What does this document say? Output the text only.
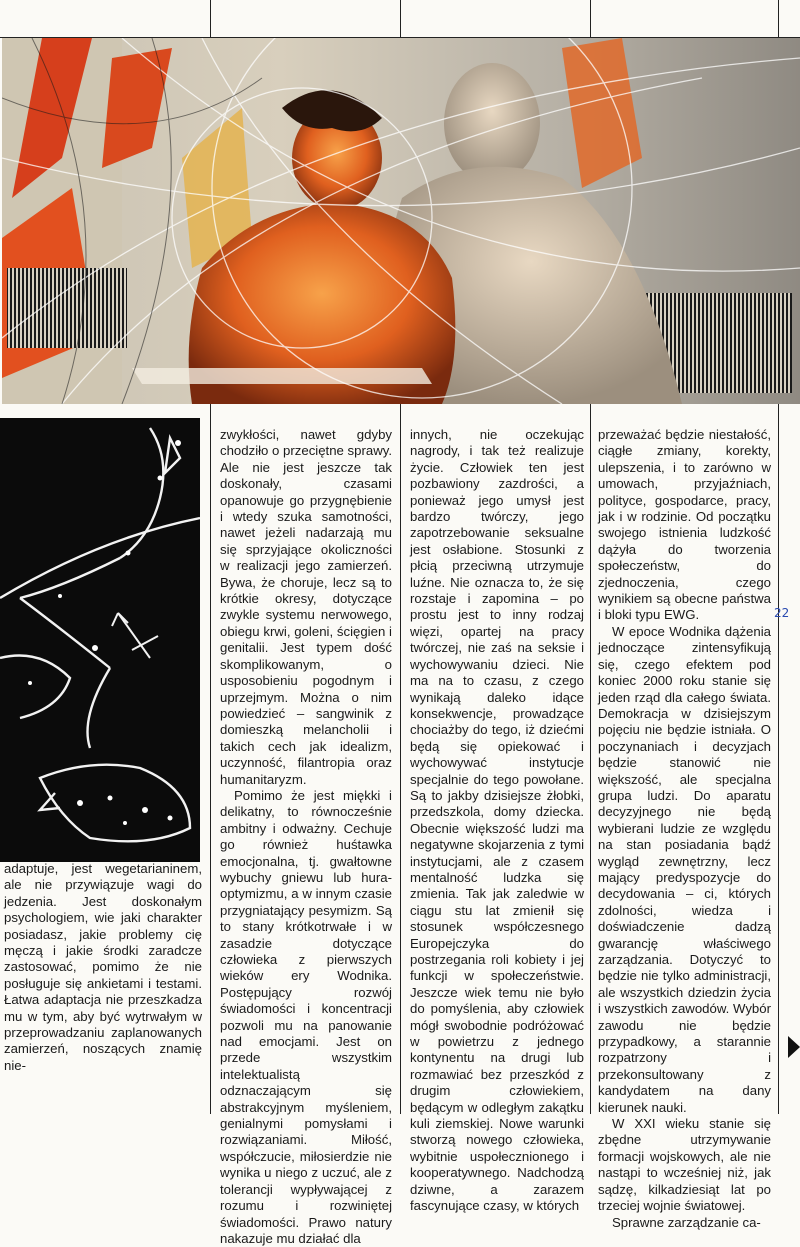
adaptuje, jest wegetarianinem, ale nie przywiązuje wagi do jedzenia. Jest doskonałym psychologiem, wie jaki charakter posiadasz, jakie problemy cię męczą i jakie środki zaradcze zastosować, pomimo że nie posługuje się ankietami i testami. Łatwa adaptacja nie przeszkadza mu w tym, aby być wytrwałym w przeprowadzaniu zaplanowanych zamierzeń, noszących znamię nie-

zwykłości, nawet gdyby chodziło o przeciętne sprawy. Ale nie jest jeszcze tak doskonały, czasami opanowuje go przygnębienie i wtedy szuka samotności, nawet jeżeli nadarzają mu się sprzyjające okoliczności w realizacji jego zamierzeń. Bywa, że choruje, lecz są to krótkie okresy, dotyczące zwykle systemu nerwowego, obiegu krwi, goleni, ścięgien i genitalii. Jest typem dość skomplikowanym, o usposobieniu pogodnym i uprzejmym. Można o nim powiedzieć – sangwinik z domieszką melancholii i takich cech jak idealizm, uczynność, filantropia oraz humanitaryzm.

Pomimo że jest miękki i delikatny, to równocześnie ambitny i odważny. Cechuje go również huśtawka emocjonalna, tj. gwałtowne wybuchy gniewu lub hura-optymizmu, a w innym czasie przygniatający pesymizm. Są to stany krótkotrwałe i w zasadzie dotyczące człowieka z pierwszych wieków ery Wodnika. Postępujący rozwój świadomości i koncentracji pozwoli mu na panowanie nad emocjami. Jest on przede wszystkim intelektualistą odznaczającym się abstrakcyjnym myśleniem, genialnymi pomysłami i rozwiązaniami. Miłość, współczucie, miłosierdzie nie wynika u niego z uczuć, ale z tolerancji wypływającej z rozumu i rozwiniętej świadomości. Prawo natury nakazuje mu działać dla

innych, nie oczekując nagrody, i tak też realizuje życie. Człowiek ten jest pozbawiony zazdrości, a ponieważ jego umysł jest bardzo twórczy, jego zapotrzebowanie seksualne jest osłabione. Stosunki z płcią przeciwną utrzymuje luźne. Nie oznacza to, że się rozstaje i zapomina – po prostu jest to inny rodzaj więzi, opartej na pracy twórczej, nie zaś na seksie i wychowywaniu dzieci. Nie ma na to czasu, z czego wynikają daleko idące konsekwencje, prowadzące chociażby do tego, iż dziećmi będą się opiekować i wychowywać instytucje specjalnie do tego powołane. Są to jakby dzisiejsze żłobki, przedszkola, domy dziecka. Obecnie większość ludzi ma negatywne skojarzenia z tymi instytucjami, ale z czasem mentalność ludzka się zmienia. Tak jak zaledwie w ciągu stu lat zmienił się stosunek współczesnego Europejczyka do postrzegania roli kobiety i jej funkcji w społeczeństwie. Jeszcze wiek temu nie było do pomyślenia, aby człowiek mógł swobodnie podróżować w powietrzu z jednego kontynentu na drugi lub rozmawiać bez przeszkód z drugim człowiekiem, będącym w odległym zakątku kuli ziemskiej. Nowe warunki stworzą nowego człowieka, wybitnie uspołecznionego i kooperatywnego. Nadchodzą dziwne, a zarazem fascynujące czasy, w których

przeważać będzie niestałość, ciągłe zmiany, korekty, ulepszenia, i to zarówno w umowach, przyjaźniach, polityce, gospodarce, pracy, jak i w rodzinie. Od początku swojego istnienia ludzkość dążyła do tworzenia społeczeństw, do zjednoczenia, czego wynikiem są obecne państwa i bloki typu EWG.

W epoce Wodnika dążenia jednoczące zintensyfikują się, czego efektem pod koniec 2000 roku stanie się jeden rząd dla całego świata. Demokracja w dzisiejszym pojęciu nie będzie istniała. O poczynaniach i decyzjach będzie stanowić nie większość, ale specjalna grupa ludzi. Do aparatu decyzyjnego nie będą wybierani ludzie ze względu na stan posiadania bądź wygląd zewnętrzny, lecz mający predyspozycje do decydowania – ci, których zdolności, wiedza i doświadczenie dadzą gwarancję właściwego zarządzania. Dotyczyć to będzie nie tylko administracji, ale wszystkich dziedzin życia i wszystkich zawodów. Wybór zawodu nie będzie przypadkowy, a starannie rozpatrzony i przekonsultowany z kandydatem na dany kierunek nauki.

W XXI wieku stanie się zbędne utrzymywanie formacji wojskowych, ale nie nastąpi to wcześniej niż, jak sądzę, kilkadziesiąt lat po trzeciej wojnie światowej.

Sprawne zarządzanie ca-

22
